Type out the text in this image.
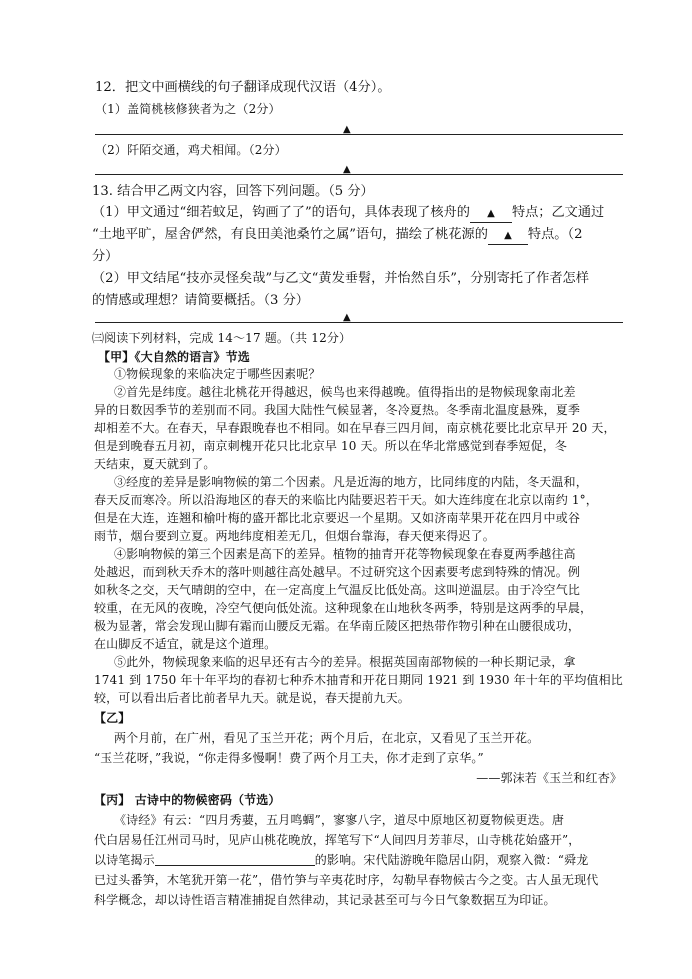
12．把文中画横线的句子翻译成现代汉语（4分）。
（1）盖简桃核修狭者为之（2分）
▲
（2）阡陌交通，鸡犬相闻。（2分）
▲
13. 结合甲乙两文内容，回答下列问题。（5 分）
（1）甲文通过“细若蚊足，钩画了了”的语句，具体表现了核舟的 ▲ 特点；乙文通过
“土地平旷，屋舍俨然，有良田美池桑竹之属”语句，描绘了桃花源的 ▲ 特点。（2
分）
（2）甲文结尾“技亦灵怪矣哉”与乙文“黄发垂髫，并怡然自乐”，分别寄托了作者怎样
的情感或理想？请简要概括。（3 分）
▲
㈢阅读下列材料，完成 14～17 题。（共 12分）
【甲】《大自然的语言》节选
①物候现象的来临决定于哪些因素呢？
②首先是纬度。越往北桃花开得越迟，候鸟也来得越晚。值得指出的是物候现象南北差
异的日数因季节的差别而不同。我国大陆性气候显著，冬冷夏热。冬季南北温度悬殊，夏季
却相差不大。在春天，早春跟晚春也不相同。如在早春三四月间，南京桃花要比北京早开 20 天，
但是到晚春五月初，南京刺槐开花只比北京早 10 天。所以在华北常感觉到春季短促，冬
天结束，夏天就到了。
③经度的差异是影响物候的第二个因素。凡是近海的地方，比同纬度的内陆，冬天温和，
春天反而寒冷。所以沿海地区的春天的来临比内陆要迟若干天。如大连纬度在北京以南约 1°，
但是在大连，连翘和榆叶梅的盛开都比北京要迟一个星期。又如济南苹果开花在四月中或谷
雨节，烟台要到立夏。两地纬度相差无几，但烟台靠海，春天便来得迟了。
④影响物候的第三个因素是高下的差异。植物的抽青开花等物候现象在春夏两季越往高
处越迟，而到秋天乔木的落叶则越往高处越早。不过研究这个因素要考虑到特殊的情况。例
如秋冬之交，天气晴朗的空中，在一定高度上气温反比低处高。这叫逆温层。由于冷空气比
较重，在无风的夜晚，冷空气便向低处流。这种现象在山地秋冬两季，特别是这两季的早晨，
极为显著，常会发现山脚有霜而山腰反无霜。在华南丘陵区把热带作物引种在山腰很成功，
在山脚反不适宜，就是这个道理。
⑤此外，物候现象来临的迟早还有古今的差异。根据英国南部物候的一种长期记录，拿
1741 到 1750 年十年平均的春初七种乔木抽青和开花日期同 1921 到 1930 年十年的平均值相比
较，可以看出后者比前者早九天。就是说，春天提前九天。
【乙】
两个月前，在广州，看见了玉兰开花；两个月后，在北京，又看见了玉兰开花。
“玉兰花呀，”我说，“你走得多慢啊！费了两个月工夫，你才走到了京华。”
——郭沫若《玉兰和红杏》
【丙】 古诗中的物候密码（节选）
《诗经》有云：“四月秀葽，五月鸣蜩”，寥寥八字，道尽中原地区初夏物候更迭。唐
代白居易任江州司马时，见庐山桃花晚放，挥笔写下“人间四月芳菲尽，山寺桃花始盛开”，
以诗笔揭示	的影响。宋代陆游晚年隐居山阴，观察入微：“舜龙
已过头番笋，木笔犹开第一花”，借竹笋与辛夷花时序，勾勒早春物候古今之变。古人虽无现代
科学概念，却以诗性语言精准捕捉自然律动，其记录甚至可与今日气象数据互为印证。
